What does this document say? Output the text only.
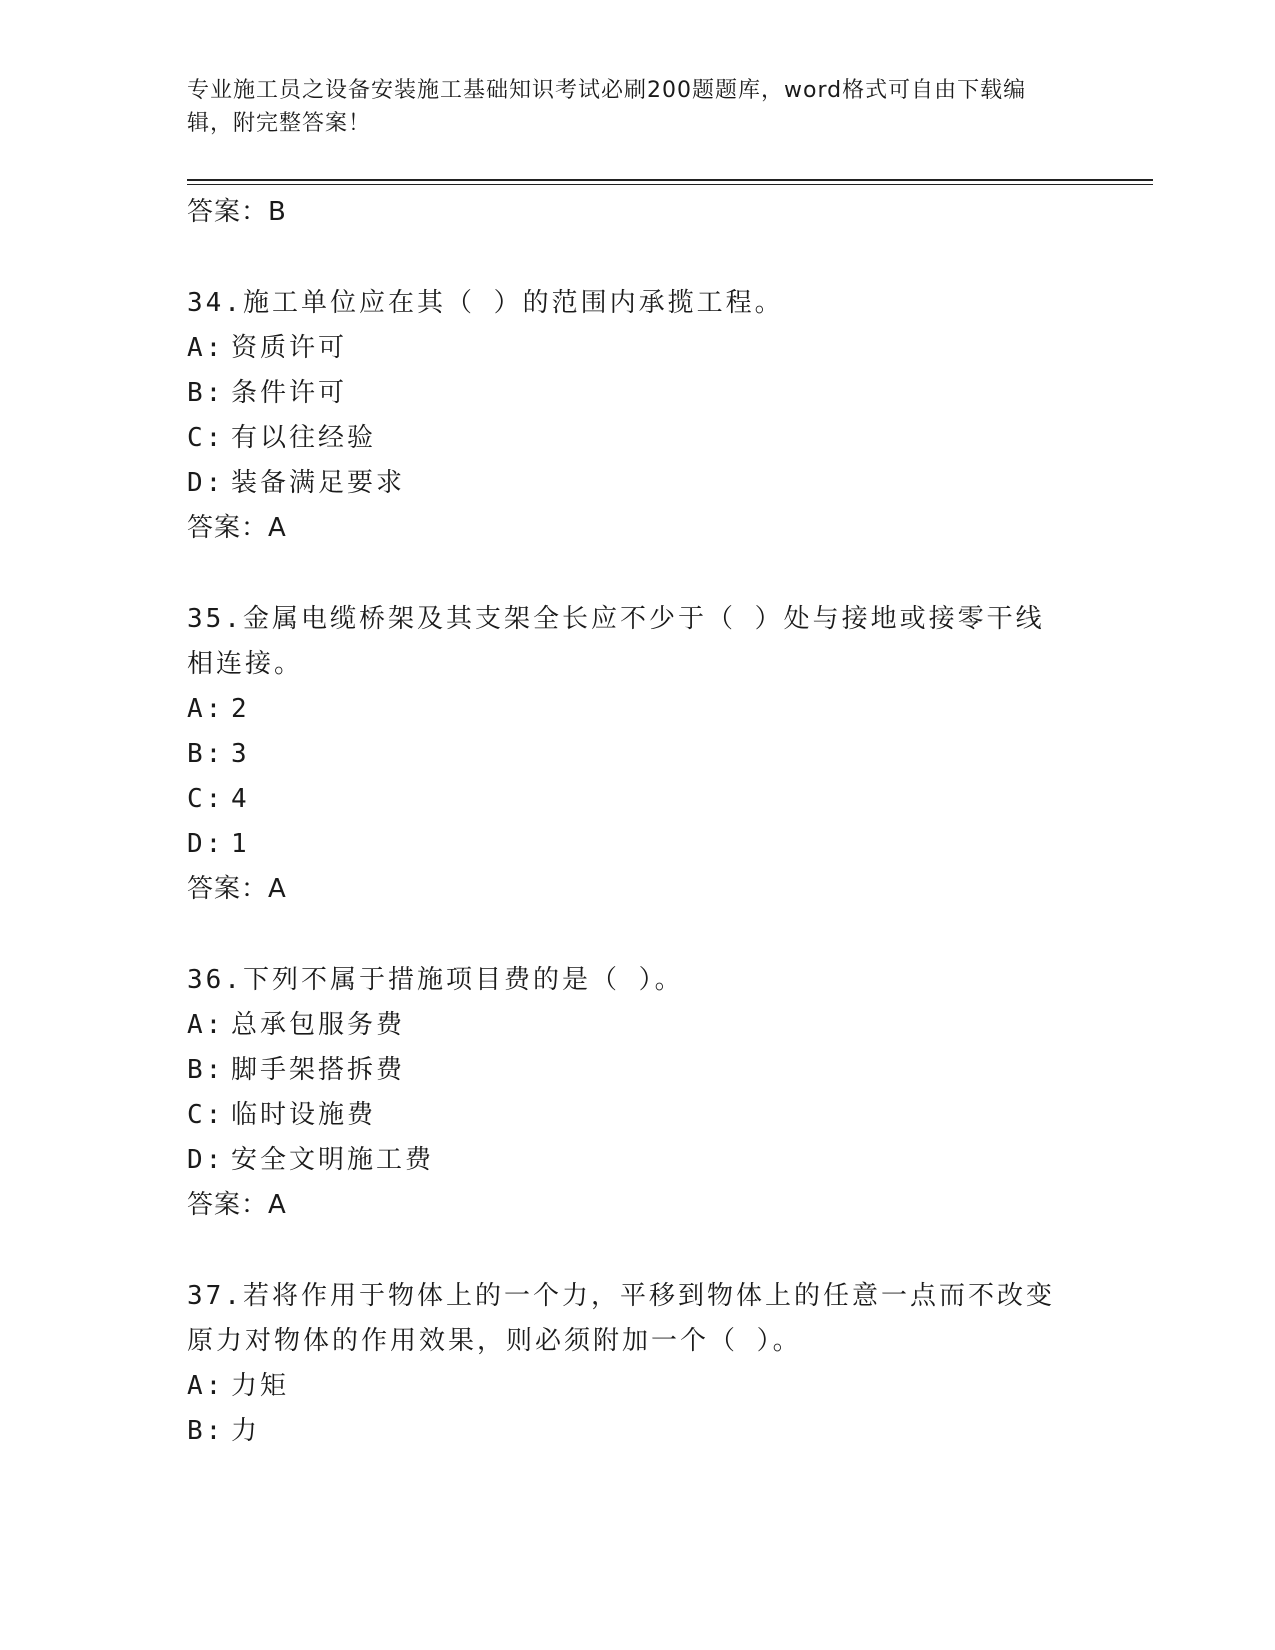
专业施工员之设备安装施工基础知识考试必刷200题题库，word格式可自由下载编辑，附完整答案！
答案：B
34.施工单位应在其（ ）的范围内承揽工程。
A: 资质许可
B: 条件许可
C: 有以往经验
D: 装备满足要求
答案：A
35.金属电缆桥架及其支架全长应不少于（ ）处与接地或接零干线相连接。
A: 2
B: 3
C: 4
D: 1
答案：A
36.下列不属于措施项目费的是（ ）。
A: 总承包服务费
B: 脚手架搭拆费
C: 临时设施费
D: 安全文明施工费
答案：A
37.若将作用于物体上的一个力，平移到物体上的任意一点而不改变原力对物体的作用效果，则必须附加一个（ ）。
A: 力矩
B: 力
